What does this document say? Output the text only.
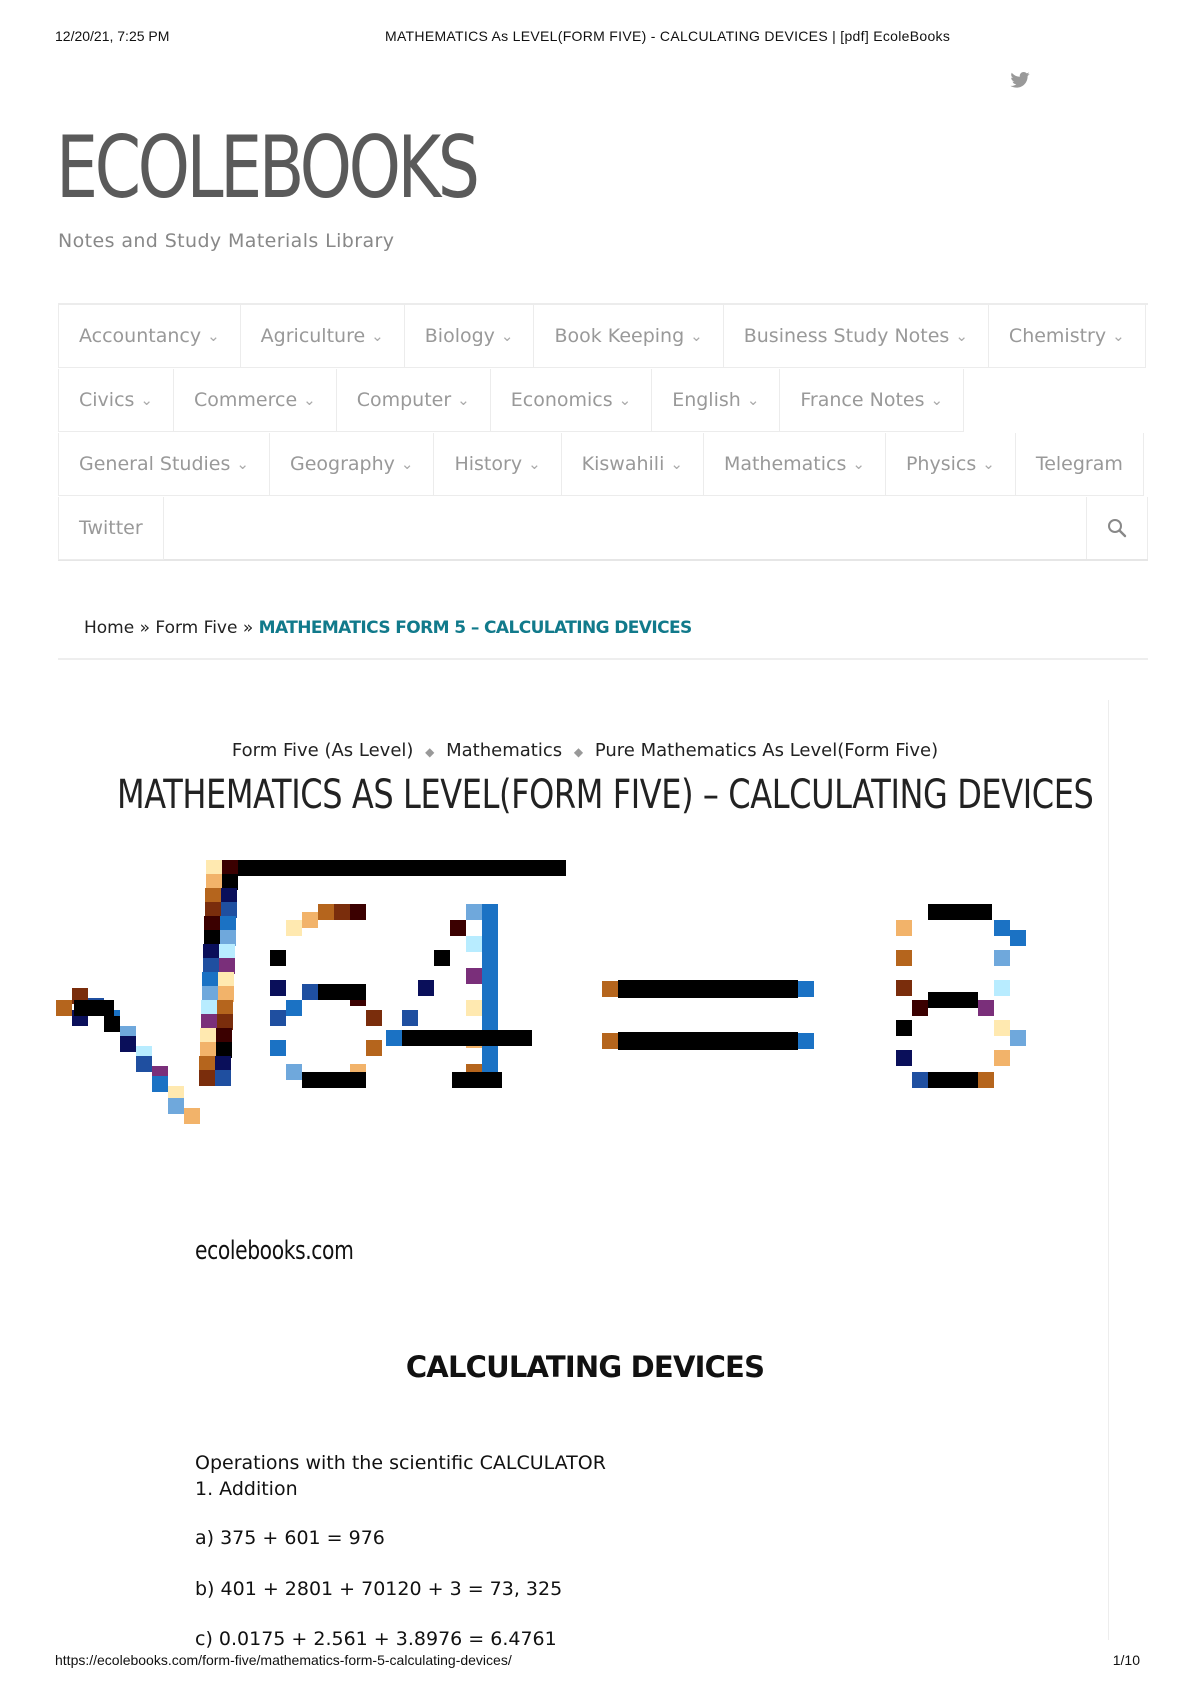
12/20/21, 7:25 PM	MATHEMATICS As LEVEL(FORM FIVE) - CALCULATING DEVICES | [pdf] EcoleBooks
ECOLEBOOKS
Notes and Study Materials Library
Accountancy ⌄ Agriculture ⌄ Biology ⌄ Book Keeping ⌄ Business Study Notes ⌄ Chemistry ⌄
Civics ⌄ Commerce ⌄ Computer ⌄ Economics ⌄ English ⌄ France Notes ⌄
General Studies ⌄ Geography ⌄ History ⌄ Kiswahili ⌄ Mathematics ⌄ Physics ⌄ Telegram
Twitter
Home » Form Five » MATHEMATICS FORM 5 – CALCULATING DEVICES
Form Five (As Level) ◆ Mathematics ◆ Pure Mathematics As Level(Form Five)
MATHEMATICS AS LEVEL(FORM FIVE) – CALCULATING DEVICES
ecolebooks.com
CALCULATING DEVICES
Operations with the scientific CALCULATOR
1. Addition
a) 375 + 601 = 976
b) 401 + 2801 + 70120 + 3 = 73, 325
c) 0.0175 + 2.561 + 3.8976 = 6.4761
https://ecolebooks.com/form-five/mathematics-form-5-calculating-devices/	1/10
